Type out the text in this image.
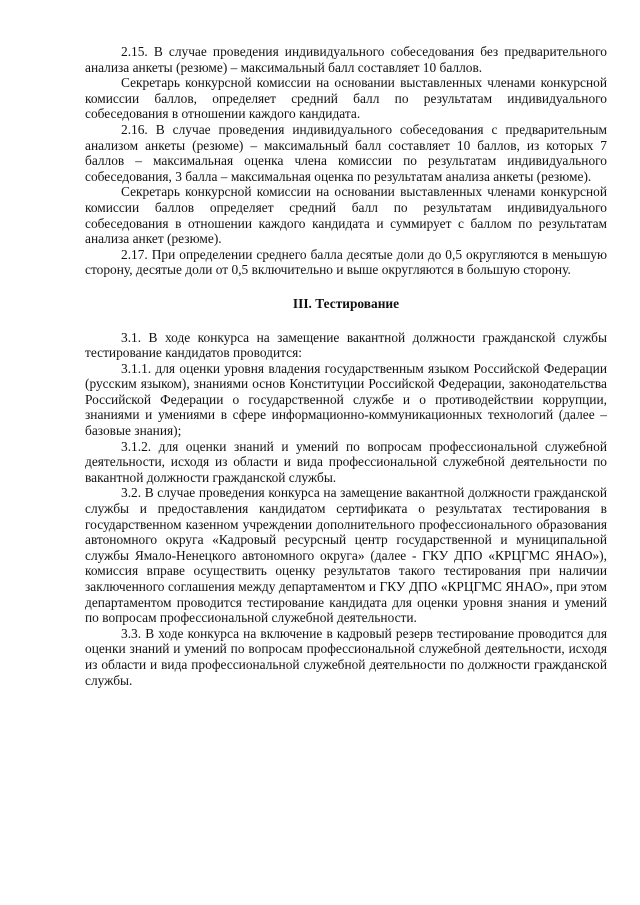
2.15. В случае проведения индивидуального собеседования без предварительного анализа анкеты (резюме) – максимальный балл составляет 10 баллов.

Секретарь конкурсной комиссии на основании выставленных членами конкурсной комиссии баллов, определяет средний балл по результатам индивидуального собеседования в отношении каждого кандидата.

2.16. В случае проведения индивидуального собеседования с предварительным анализом анкеты (резюме) – максимальный балл составляет 10 баллов, из которых 7 баллов – максимальная оценка члена комиссии по результатам индивидуального собеседования, 3 балла – максимальная оценка по результатам анализа анкеты (резюме).

Секретарь конкурсной комиссии на основании выставленных членами конкурсной комиссии баллов определяет средний балл по результатам индивидуального собеседования в отношении каждого кандидата и суммирует с баллом по результатам анализа анкет (резюме).

2.17. При определении среднего балла десятые доли до 0,5 округляются в меньшую сторону, десятые доли от 0,5 включительно и выше округляются в большую сторону.

III. Тестирование

3.1. В ходе конкурса на замещение вакантной должности гражданской службы тестирование кандидатов проводится:

3.1.1. для оценки уровня владения государственным языком Российской Федерации (русским языком), знаниями основ Конституции Российской Федерации, законодательства Российской Федерации о государственной службе и о противодействии коррупции, знаниями и умениями в сфере информационно-коммуникационных технологий (далее – базовые знания);

3.1.2. для оценки знаний и умений по вопросам профессиональной служебной деятельности, исходя из области и вида профессиональной служебной деятельности по вакантной должности гражданской службы.

3.2. В случае проведения конкурса на замещение вакантной должности гражданской службы и предоставления кандидатом сертификата о результатах тестирования в государственном казенном учреждении дополнительного профессионального образования автономного округа «Кадровый ресурсный центр государственной и муниципальной службы Ямало-Ненецкого автономного округа» (далее - ГКУ ДПО «КРЦГМС ЯНАО»), комиссия вправе осуществить оценку результатов такого тестирования при наличии заключенного соглашения между департаментом и ГКУ ДПО «КРЦГМС ЯНАО», при этом департаментом проводится тестирование кандидата для оценки уровня знания и умений по вопросам профессиональной служебной деятельности.

3.3. В ходе конкурса на включение в кадровый резерв тестирование проводится для оценки знаний и умений по вопросам профессиональной служебной деятельности, исходя из области и вида профессиональной служебной деятельности по должности гражданской службы.
